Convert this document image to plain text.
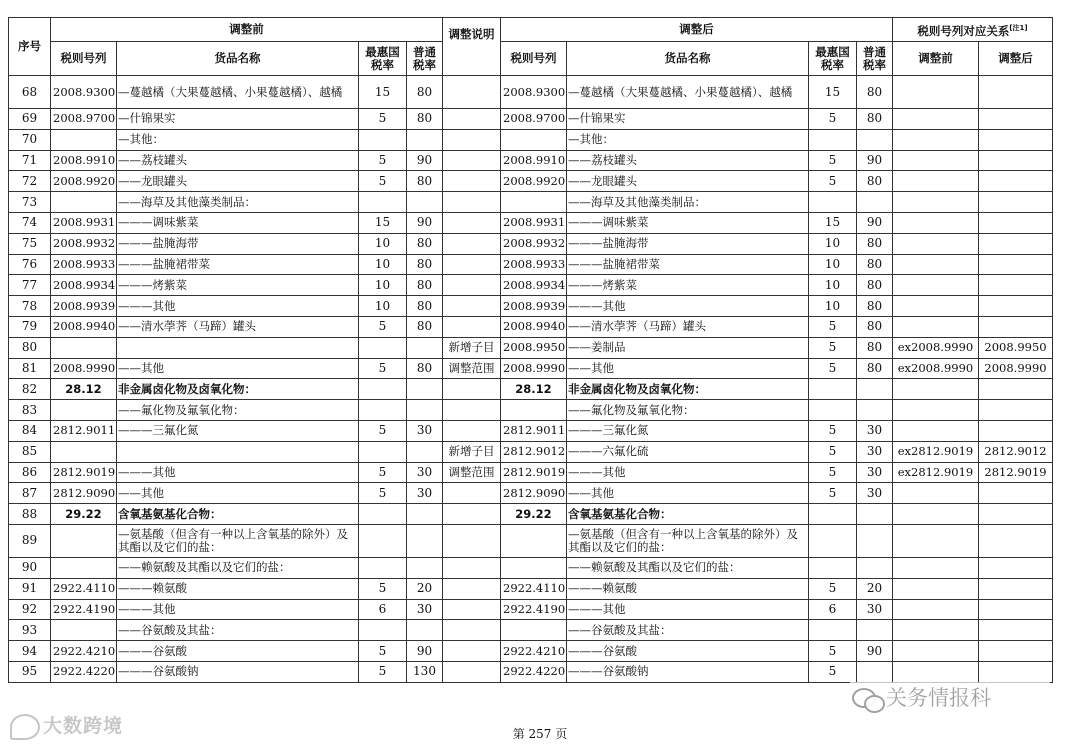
序号	调整前				调整说明	调整后				税则号列对应关系[注1]
	税则号列	货品名称	最惠国税率	普通税率		税则号列	货品名称	最惠国税率	普通税率	调整前	调整后
68	2008.9300	—蔓越橘（大果蔓越橘、小果蔓越橘）、越橘	15	80		2008.9300	—蔓越橘（大果蔓越橘、小果蔓越橘）、越橘	15	80		
69	2008.9700	—什锦果实	5	80		2008.9700	—什锦果实	5	80		
70		—其他：					—其他：				
71	2008.9910	——荔枝罐头	5	90		2008.9910	——荔枝罐头	5	90		
72	2008.9920	——龙眼罐头	5	80		2008.9920	——龙眼罐头	5	80		
73		——海草及其他藻类制品：					——海草及其他藻类制品：				
74	2008.9931	———调味紫菜	15	90		2008.9931	———调味紫菜	15	90		
75	2008.9932	———盐腌海带	10	80		2008.9932	———盐腌海带	10	80		
76	2008.9933	———盐腌裙带菜	10	80		2008.9933	———盐腌裙带菜	10	80		
77	2008.9934	———烤紫菜	10	80		2008.9934	———烤紫菜	10	80		
78	2008.9939	———其他	10	80		2008.9939	———其他	10	80		
79	2008.9940	——清水荸荠（马蹄）罐头	5	80		2008.9940	——清水荸荠（马蹄）罐头	5	80		
80					新增子目	2008.9950	——姜制品	5	80	ex2008.9990	2008.9950
81	2008.9990	——其他	5	80	调整范围	2008.9990	——其他	5	80	ex2008.9990	2008.9990
82	28.12	非金属卤化物及卤氧化物：				28.12	非金属卤化物及卤氧化物：				
83		——氟化物及氟氧化物：					——氟化物及氟氧化物：				
84	2812.9011	———三氟化氮	5	30		2812.9011	———三氟化氮	5	30		
85					新增子目	2812.9012	———六氟化硫	5	30	ex2812.9019	2812.9012
86	2812.9019	———其他	5	30	调整范围	2812.9019	———其他	5	30	ex2812.9019	2812.9019
87	2812.9090	——其他	5	30		2812.9090	——其他	5	30		
88	29.22	含氧基氨基化合物：				29.22	含氧基氨基化合物：				
89		—氨基酸（但含有一种以上含氧基的除外）及其酯以及它们的盐：					—氨基酸（但含有一种以上含氧基的除外）及其酯以及它们的盐：				
90		——赖氨酸及其酯以及它们的盐：					——赖氨酸及其酯以及它们的盐：				
91	2922.4110	———赖氨酸	5	20		2922.4110	———赖氨酸	5	20		
92	2922.4190	———其他	6	30		2922.4190	———其他	6	30		
93		——谷氨酸及其盐：					——谷氨酸及其盐：				
94	2922.4210	———谷氨酸	5	90		2922.4210	———谷氨酸	5	90		
95	2922.4220	———谷氨酸钠	5	130		2922.4220	———谷氨酸钠	5			
大数跨境
关务情报科
第 257 页
